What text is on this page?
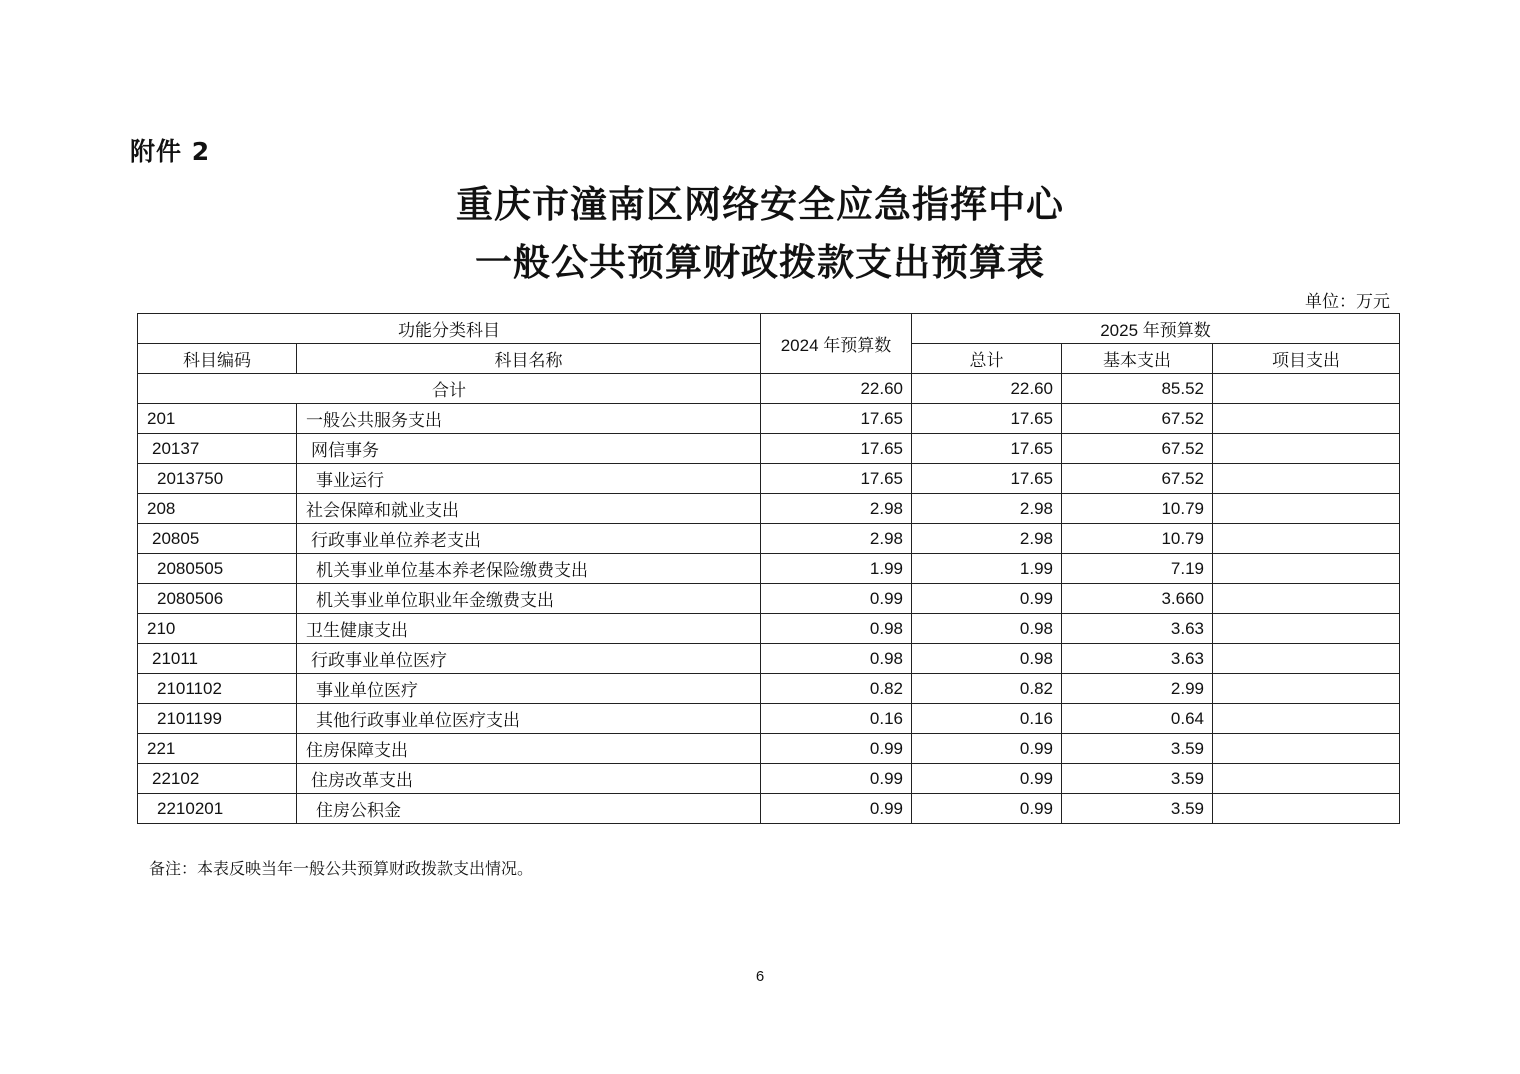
附件 2
重庆市潼南区网络安全应急指挥中心
一般公共预算财政拨款支出预算表
单位：万元
功能分类科目		2024 年预算数	2025 年预算数		
科目编码	科目名称		总计	基本支出	项目支出
合计		22.60	22.60	85.52	
201	一般公共服务支出	17.65	17.65	67.52	
20137	网信事务	17.65	17.65	67.52	
2013750	事业运行	17.65	17.65	67.52	
208	社会保障和就业支出	2.98	2.98	10.79	
20805	行政事业单位养老支出	2.98	2.98	10.79	
2080505	机关事业单位基本养老保险缴费支出	1.99	1.99	7.19	
2080506	机关事业单位职业年金缴费支出	0.99	0.99	3.660	
210	卫生健康支出	0.98	0.98	3.63	
21011	行政事业单位医疗	0.98	0.98	3.63	
2101102	事业单位医疗	0.82	0.82	2.99	
2101199	其他行政事业单位医疗支出	0.16	0.16	0.64	
221	住房保障支出	0.99	0.99	3.59	
22102	住房改革支出	0.99	0.99	3.59	
2210201	住房公积金	0.99	0.99	3.59	
备注：本表反映当年一般公共预算财政拨款支出情况。
6
